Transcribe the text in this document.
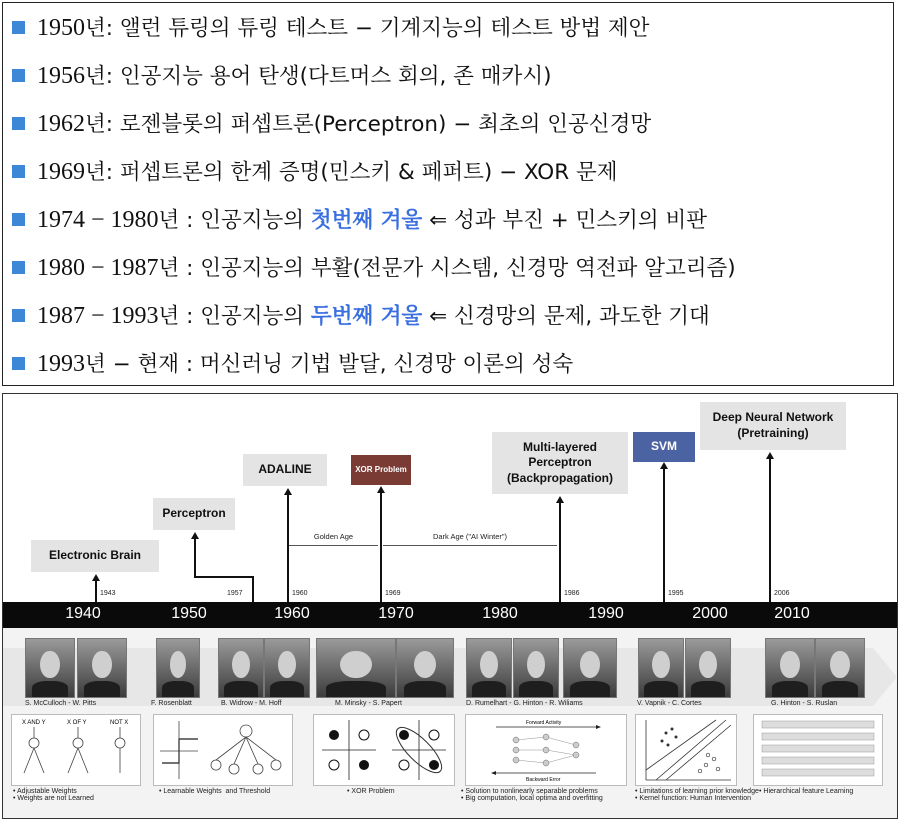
1950년: 앨런 튜링의 튜링 테스트 − 기계지능의 테스트 방법 제안
1956년: 인공지능 용어 탄생(다트머스 회의, 존 매카시)
1962년: 로젠블롯의 퍼셉트론(Perceptron) − 최초의 인공신경망
1969년: 퍼셉트론의 한계 증명(민스키 & 페퍼트) − XOR 문제
1974 − 1980년 : 인공지능의 첫번째 겨울 ⇐ 성과 부진 + 민스키의 비판
1980 − 1987년 : 인공지능의 부활(전문가 시스템, 신경망 역전파 알고리즘)
1987 − 1993년 : 인공지능의 두번째 겨울 ⇐ 신경망의 문제, 과도한 기대
1993년 − 현재 : 머신러닝 기법 발달, 신경망 이론의 성숙
Electronic Brain
Perceptron
ADALINE	XOR Problem
Multi-layered Perceptron (Backpropagation)
SVM
Deep Neural Network (Pretraining)
1943	1957	1960	1969	1986	1995	2006
Golden Age	Dark Age ("AI Winter")
1940	1950	1960	1970	1980	1990	2000	2010
S. McCulloch - W. Pitts	F. Rosenblatt	B. Widrow - M. Hoff	M. Minsky - S. Papert	D. Rumelhart - G. Hinton - R. Wiliams	V. Vapnik - C. Cortes	G. Hinton - S. Ruslan
X AND Y	X OF Y	NOT X	Forward Activity
Backward Error
• Adjustable Weights
• Weights are not Learned
• Learnable Weights  and Threshold	• XOR Problem	• Solution to nonlinearly separable problems
• Big computation, local optima and overfitting
• Limitations of learning prior knowledge
• Kernel function: Human Intervention
• Hierarchical feature Learning
